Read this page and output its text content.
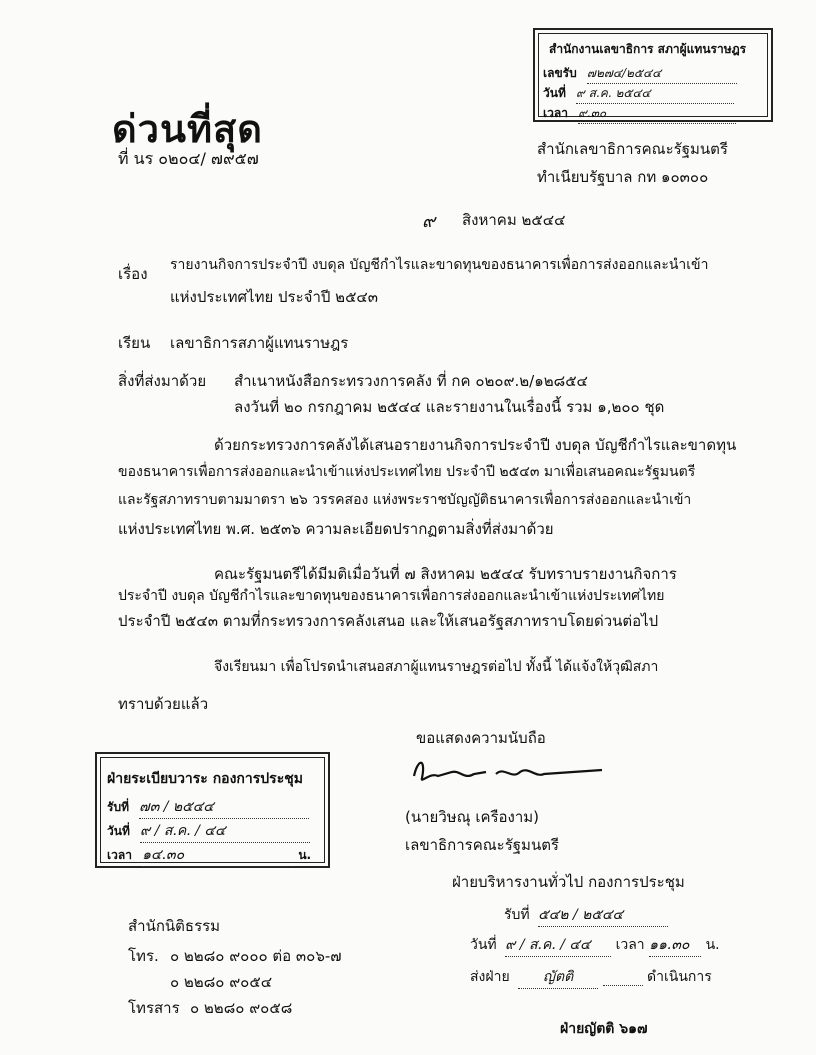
สำนักงานเลขาธิการ สภาผู้แทนราษฎร
เลขรับ ๗๒๗๔/๒๕๔๔
วันที่ ๙ ส.ค. ๒๕๔๔
เวลา ๙.๓๐
ด่วนที่สุด
ที่ นร ๐๒๐๔/ ๗๙๕๗	สำนักเลขาธิการคณะรัฐมนตรี
ทำเนียบรัฐบาล กท ๑๐๓๐๐
๙ สิงหาคม ๒๕๔๔
เรื่อง รายงานกิจการประจำปี งบดุล บัญชีกำไรและขาดทุนของธนาคารเพื่อการส่งออกและนำเข้า
แห่งประเทศไทย ประจำปี ๒๕๔๓
เรียน เลขาธิการสภาผู้แทนราษฎร
สิ่งที่ส่งมาด้วย สำเนาหนังสือกระทรวงการคลัง ที่ กค ๐๒๐๙.๒/๑๒๘๕๔
ลงวันที่ ๒๐ กรกฎาคม ๒๕๔๔ และรายงานในเรื่องนี้ รวม ๑,๒๐๐ ชุด
ด้วยกระทรวงการคลังได้เสนอรายงานกิจการประจำปี งบดุล บัญชีกำไรและขาดทุน
ของธนาคารเพื่อการส่งออกและนำเข้าแห่งประเทศไทย ประจำปี ๒๕๔๓ มาเพื่อเสนอคณะรัฐมนตรี
และรัฐสภาทราบตามมาตรา ๒๖ วรรคสอง แห่งพระราชบัญญัติธนาคารเพื่อการส่งออกและนำเข้า
แห่งประเทศไทย พ.ศ. ๒๕๓๖ ความละเอียดปรากฏตามสิ่งที่ส่งมาด้วย
คณะรัฐมนตรีได้มีมติเมื่อวันที่ ๗ สิงหาคม ๒๕๔๔ รับทราบรายงานกิจการ
ประจำปี งบดุล บัญชีกำไรและขาดทุนของธนาคารเพื่อการส่งออกและนำเข้าแห่งประเทศไทย
ประจำปี ๒๕๔๓ ตามที่กระทรวงการคลังเสนอ และให้เสนอรัฐสภาทราบโดยด่วนต่อไป
จึงเรียนมา เพื่อโปรดนำเสนอสภาผู้แทนราษฎรต่อไป ทั้งนี้ ได้แจ้งให้วุฒิสภา
ทราบด้วยแล้ว
ขอแสดงความนับถือ
(นายวิษณุ เครืองาม)
เลขาธิการคณะรัฐมนตรี
ฝ่ายระเบียบวาระ กองการประชุม
รับที่ ๗๓ / ๒๕๔๔
วันที่ ๙ / ส.ค. / ๔๔
เวลา ๑๔.๓๐	น.
ฝ่ายบริหารงานทั่วไป กองการประชุม
รับที่ ๕๔๒ / ๒๕๔๔
วันที่ ๙ / ส.ค. / ๔๔ เวลา ๑๑.๓๐ น.
ส่งฝ่าย ญัตติ	ดำเนินการ
ฝ่ายญัตติ ๖๑๗
สำนักนิติธรรม
โทร. ๐ ๒๒๘๐ ๙๐๐๐ ต่อ ๓๐๖-๗
๐ ๒๒๘๐ ๙๐๕๔
โทรสาร ๐ ๒๒๘๐ ๙๐๕๘
